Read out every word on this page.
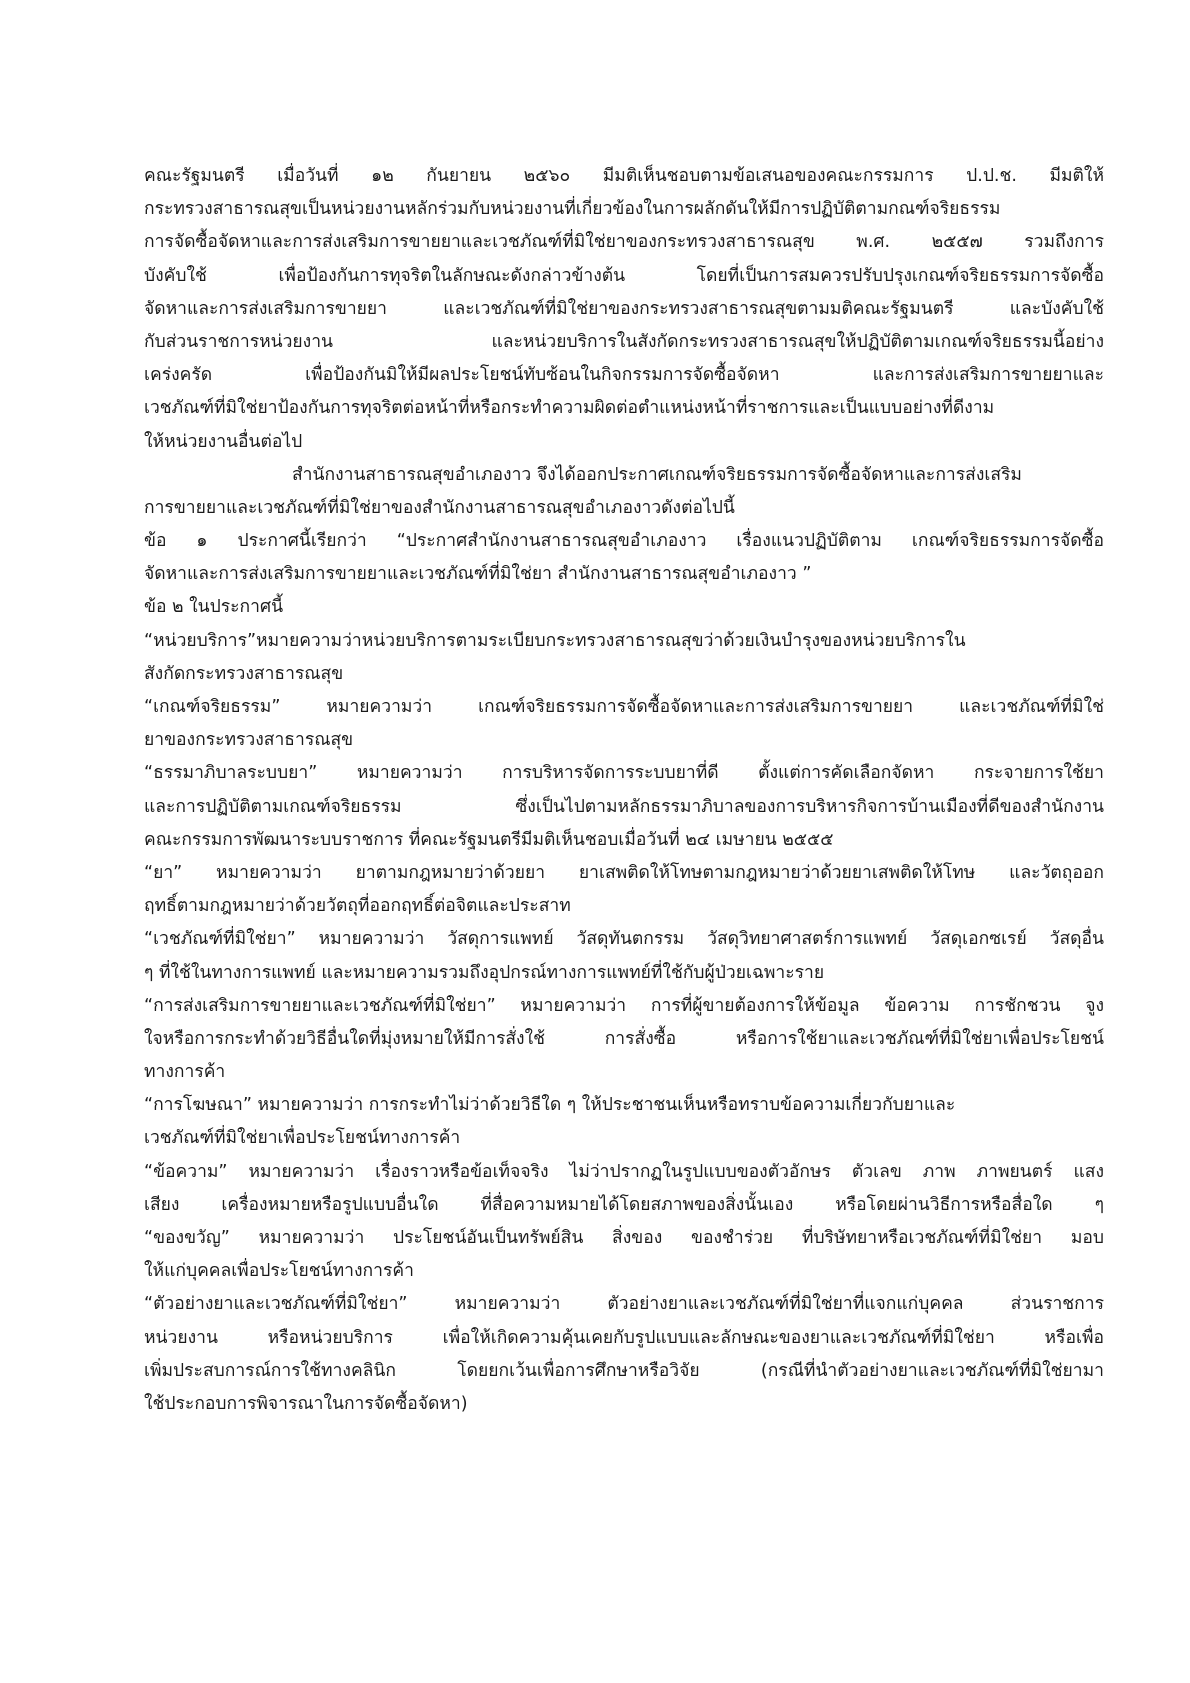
คณะรัฐมนตรี เมื่อวันที่ ๑๒ กันยายน ๒๕๖๐ มีมติเห็นชอบตามข้อเสนอของคณะกรรมการ ป.ป.ช. มีมติให้
กระทรวงสาธารณสุขเป็นหน่วยงานหลักร่วมกับหน่วยงานที่เกี่ยวข้องในการผลักดันให้มีการปฏิบัติตามกณฑ์จริยธรรม
การจัดซื้อจัดหาและการส่งเสริมการขายยาและเวชภัณฑ์ที่มิใช่ยาของกระทรวงสาธารณสุข พ.ศ. ๒๕๕๗ รวมถึงการ
บังคับใช้ เพื่อป้องกันการทุจริตในลักษณะดังกล่าวข้างต้น โดยที่เป็นการสมควรปรับปรุงเกณฑ์จริยธรรมการจัดซื้อ
จัดหาและการส่งเสริมการขายยา และเวชภัณฑ์ที่มิใช่ยาของกระทรวงสาธารณสุขตามมติคณะรัฐมนตรี และบังคับใช้
กับส่วนราชการหน่วยงาน และหน่วยบริการในสังกัดกระทรวงสาธารณสุขให้ปฏิบัติตามเกณฑ์จริยธรรมนี้อย่าง
เคร่งครัด เพื่อป้องกันมิให้มีผลประโยชน์ทับซ้อนในกิจกรรมการจัดซื้อจัดหา และการส่งเสริมการขายยาและ
เวชภัณฑ์ที่มิใช่ยาป้องกันการทุจริตต่อหน้าที่หรือกระทำความผิดต่อตำแหน่งหน้าที่ราชการและเป็นแบบอย่างที่ดีงาม
ให้หน่วยงานอื่นต่อไป
สำนักงานสาธารณสุขอำเภองาว จึงได้ออกประกาศเกณฑ์จริยธรรมการจัดซื้อจัดหาและการส่งเสริม
การขายยาและเวชภัณฑ์ที่มิใช่ยาของสำนักงานสาธารณสุขอำเภองาวดังต่อไปนี้
ข้อ ๑ ประกาศนี้เรียกว่า “ประกาศสำนักงานสาธารณสุขอำเภองาว เรื่องแนวปฏิบัติตาม เกณฑ์จริยธรรมการจัดซื้อ
จัดหาและการส่งเสริมการขายยาและเวชภัณฑ์ที่มิใช่ยา สำนักงานสาธารณสุขอำเภองาว ”
ข้อ ๒ ในประกาศนี้
“หน่วยบริการ”หมายความว่าหน่วยบริการตามระเบียบกระทรวงสาธารณสุขว่าด้วยเงินบำรุงของหน่วยบริการใน
สังกัดกระทรวงสาธารณสุข
“เกณฑ์จริยธรรม” หมายความว่า เกณฑ์จริยธรรมการจัดซื้อจัดหาและการส่งเสริมการขายยา และเวชภัณฑ์ที่มิใช่
ยาของกระทรวงสาธารณสุข
“ธรรมาภิบาลระบบยา” หมายความว่า การบริหารจัดการระบบยาที่ดี ตั้งแต่การคัดเลือกจัดหา กระจายการใช้ยา
และการปฏิบัติตามเกณฑ์จริยธรรม ซึ่งเป็นไปตามหลักธรรมาภิบาลของการบริหารกิจการบ้านเมืองที่ดีของสำนักงาน
คณะกรรมการพัฒนาระบบราชการ ที่คณะรัฐมนตรีมีมติเห็นชอบเมื่อวันที่ ๒๔ เมษายน ๒๕๕๕
“ยา” หมายความว่า ยาตามกฎหมายว่าด้วยยา ยาเสพติดให้โทษตามกฎหมายว่าด้วยยาเสพติดให้โทษ และวัตถุออก
ฤทธิ์ตามกฎหมายว่าด้วยวัตถุที่ออกฤทธิ์ต่อจิตและประสาท
“เวชภัณฑ์ที่มิใช่ยา” หมายความว่า วัสดุการแพทย์ วัสดุทันตกรรม วัสดุวิทยาศาสตร์การแพทย์ วัสดุเอกซเรย์ วัสดุอื่น
ๆ ที่ใช้ในทางการแพทย์ และหมายความรวมถึงอุปกรณ์ทางการแพทย์ที่ใช้กับผู้ป่วยเฉพาะราย
“การส่งเสริมการขายยาและเวชภัณฑ์ที่มิใช่ยา” หมายความว่า การที่ผู้ขายต้องการให้ข้อมูล ข้อความ การชักชวน จูง
ใจหรือการกระทำด้วยวิธีอื่นใดที่มุ่งหมายให้มีการสั่งใช้ การสั่งซื้อ หรือการใช้ยาและเวชภัณฑ์ที่มิใช่ยาเพื่อประโยชน์
ทางการค้า
“การโฆษณา” หมายความว่า การกระทำไม่ว่าด้วยวิธีใด ๆ ให้ประชาชนเห็นหรือทราบข้อความเกี่ยวกับยาและ
เวชภัณฑ์ที่มิใช่ยาเพื่อประโยชน์ทางการค้า
“ข้อความ” หมายความว่า เรื่องราวหรือข้อเท็จจริง ไม่ว่าปรากฏในรูปแบบของตัวอักษร ตัวเลข ภาพ ภาพยนตร์ แสง
เสียง เครื่องหมายหรือรูปแบบอื่นใด ที่สื่อความหมายได้โดยสภาพของสิ่งนั้นเอง หรือโดยผ่านวิธีการหรือสื่อใด ๆ
“ของขวัญ” หมายความว่า ประโยชน์อันเป็นทรัพย์สิน สิ่งของ ของชำร่วย ที่บริษัทยาหรือเวชภัณฑ์ที่มิใช่ยา มอบ
ให้แก่บุคคลเพื่อประโยชน์ทางการค้า
“ตัวอย่างยาและเวชภัณฑ์ที่มิใช่ยา” หมายความว่า ตัวอย่างยาและเวชภัณฑ์ที่มิใช่ยาที่แจกแก่บุคคล ส่วนราชการ
หน่วยงาน หรือหน่วยบริการ เพื่อให้เกิดความคุ้นเคยกับรูปแบบและลักษณะของยาและเวชภัณฑ์ที่มิใช่ยา หรือเพื่อ
เพิ่มประสบการณ์การใช้ทางคลินิก โดยยกเว้นเพื่อการศึกษาหรือวิจัย (กรณีที่นำตัวอย่างยาและเวชภัณฑ์ที่มิใช่ยามา
ใช้ประกอบการพิจารณาในการจัดซื้อจัดหา)
